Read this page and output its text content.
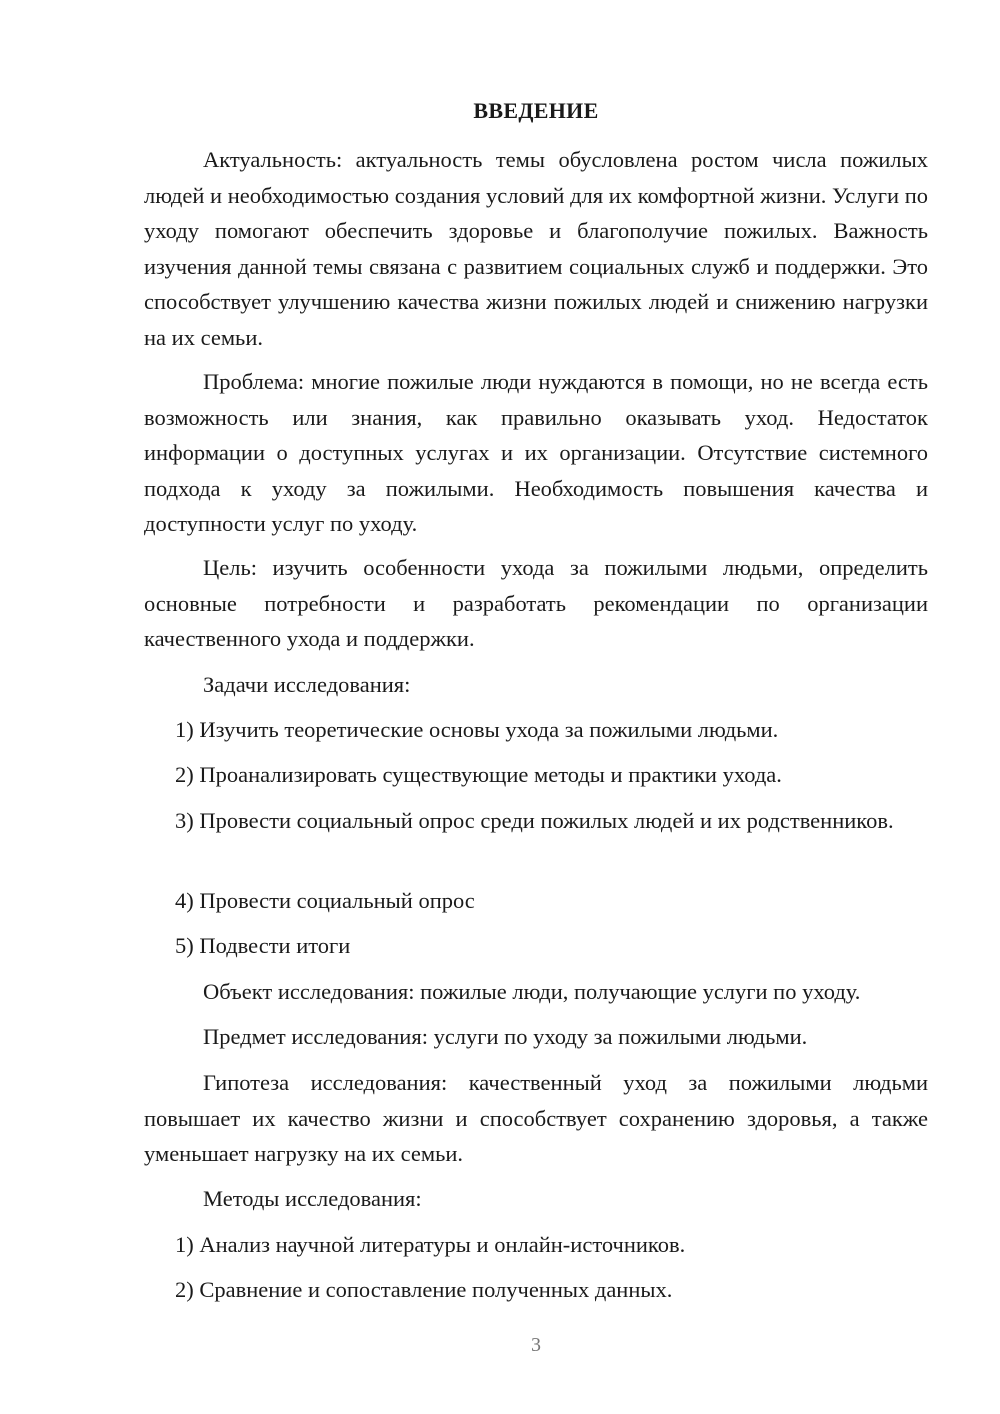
ВВЕДЕНИЕ

Актуальность: актуальность темы обусловлена ростом числа пожилых людей и необходимостью создания условий для их комфортной жизни. Услуги по уходу помогают обеспечить здоровье и благополучие пожилых. Важность изучения данной темы связана с развитием социальных служб и поддержки. Это способствует улучшению качества жизни пожилых людей и снижению нагрузки на их семьи.

Проблема: многие пожилые люди нуждаются в помощи, но не всегда есть возможность или знания, как правильно оказывать уход. Недостаток информации о доступных услугах и их организации. Отсутствие системного подхода к уходу за пожилыми. Необходимость повышения качества и доступности услуг по уходу.

Цель: изучить особенности ухода за пожилыми людьми, определить основные потребности и разработать рекомендации по организации качественного ухода и поддержки.

Задачи исследования:

1) Изучить теоретические основы ухода за пожилыми людьми.

2) Проанализировать существующие методы и практики ухода.

3) Провести социальный опрос среди пожилых людей и их родственников.

4) Провести социальный опрос

5) Подвести итоги

Объект исследования: пожилые люди, получающие услуги по уходу.

Предмет исследования: услуги по уходу за пожилыми людьми.

Гипотеза исследования: качественный уход за пожилыми людьми повышает их качество жизни и способствует сохранению здоровья, а также уменьшает нагрузку на их семьи.

Методы исследования:

1) Анализ научной литературы и онлайн-источников.

2) Сравнение и сопоставление полученных данных.

3
